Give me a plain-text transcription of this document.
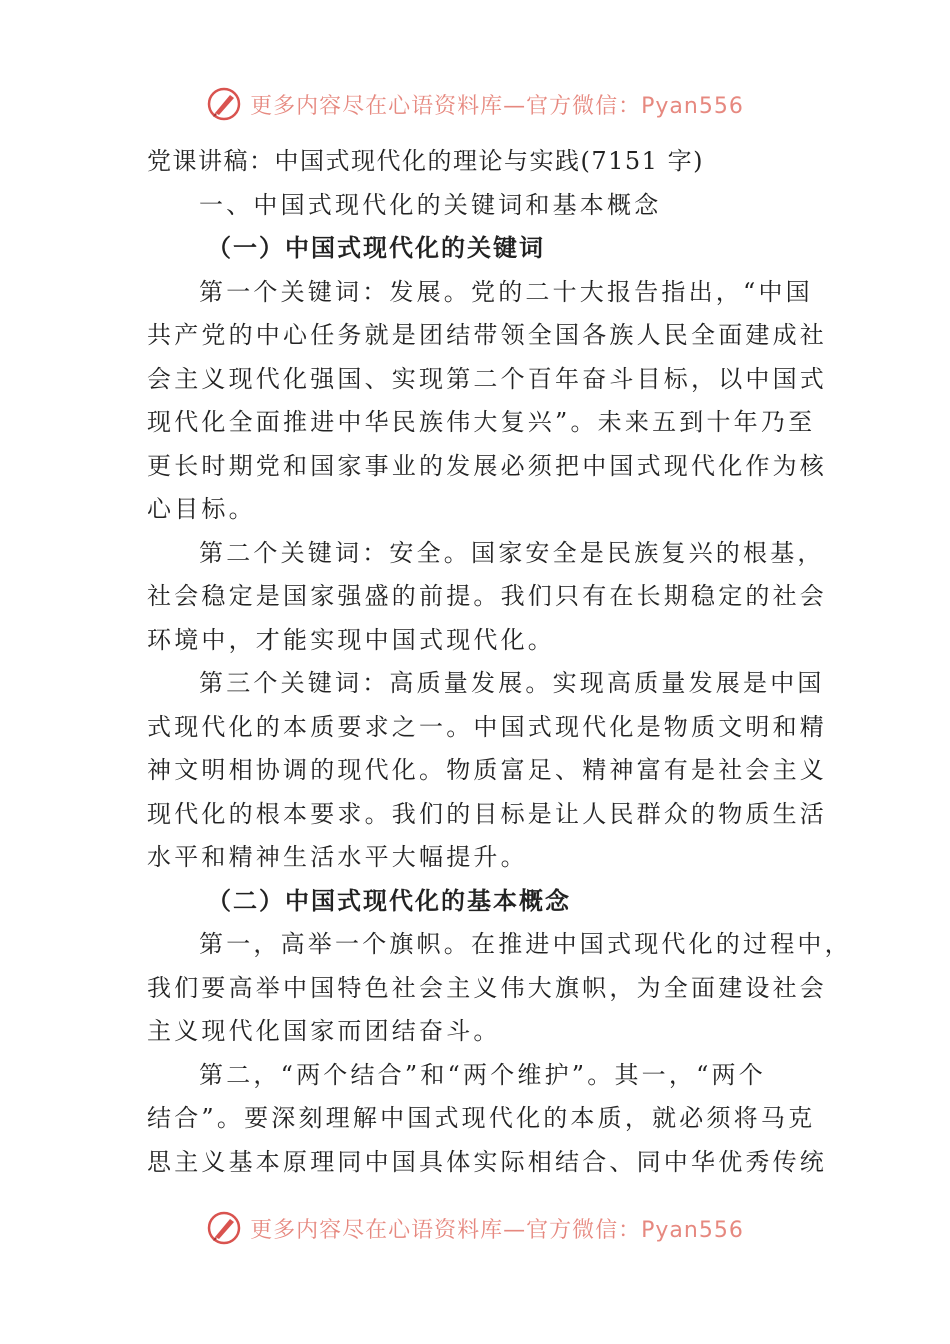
更多内容尽在心语资料库—官方微信：Pyan556
党课讲稿：中国式现代化的理论与实践(7151 字)
一、中国式现代化的关键词和基本概念
（一）中国式现代化的关键词
第一个关键词：发展。党的二十大报告指出，“中国
共产党的中心任务就是团结带领全国各族人民全面建成社
会主义现代化强国、实现第二个百年奋斗目标，以中国式
现代化全面推进中华民族伟大复兴”。未来五到十年乃至
更长时期党和国家事业的发展必须把中国式现代化作为核
心目标。
第二个关键词：安全。国家安全是民族复兴的根基，
社会稳定是国家强盛的前提。我们只有在长期稳定的社会
环境中，才能实现中国式现代化。
第三个关键词：高质量发展。实现高质量发展是中国
式现代化的本质要求之一。中国式现代化是物质文明和精
神文明相协调的现代化。物质富足、精神富有是社会主义
现代化的根本要求。我们的目标是让人民群众的物质生活
水平和精神生活水平大幅提升。
（二）中国式现代化的基本概念
第一，高举一个旗帜。在推进中国式现代化的过程中，
我们要高举中国特色社会主义伟大旗帜，为全面建设社会
主义现代化国家而团结奋斗。
第二，“两个结合”和“两个维护”。其一，“两个
结合”。要深刻理解中国式现代化的本质，就必须将马克
思主义基本原理同中国具体实际相结合、同中华优秀传统
更多内容尽在心语资料库—官方微信：Pyan556
